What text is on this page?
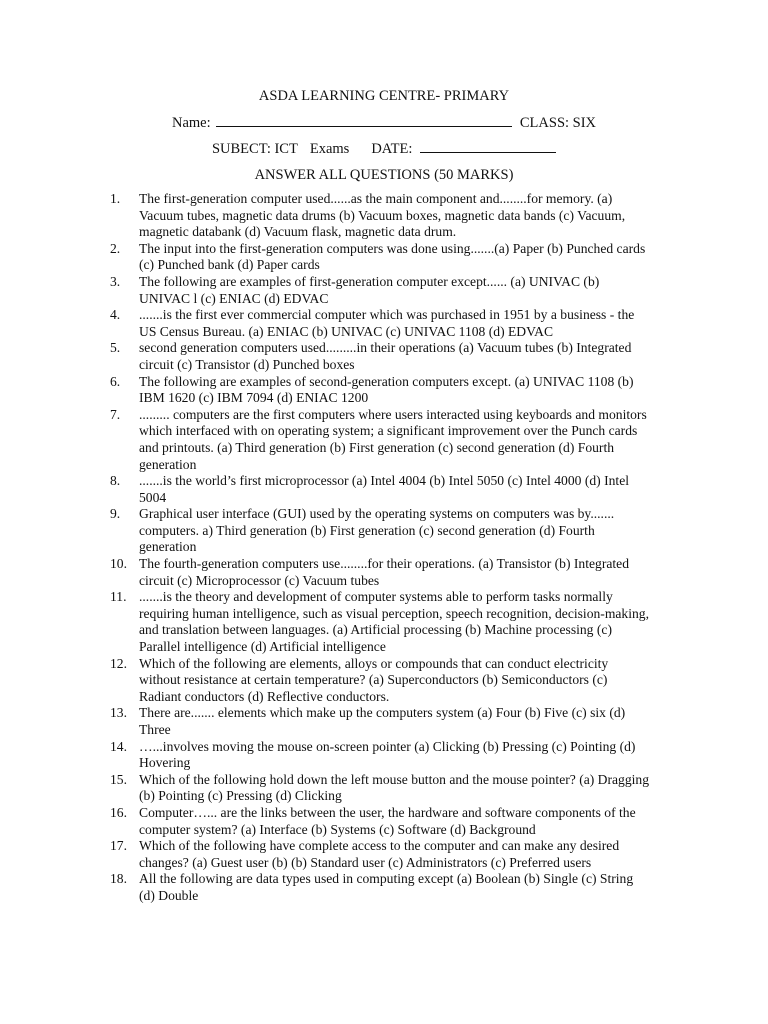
ASDA LEARNING CENTRE- PRIMARY
Name:	CLASS: SIX
SUBECT: ICT Exams DATE:
ANSWER ALL QUESTIONS (50 MARKS)
1. The first-generation computer used......as the main component and........for memory. (a)
Vacuum tubes, magnetic data drums (b) Vacuum boxes, magnetic data bands (c) Vacuum,
magnetic databank (d) Vacuum flask, magnetic data drum.
2. The input into the first-generation computers was done using.......(a) Paper (b) Punched cards
(c) Punched bank (d) Paper cards
3. The following are examples of first-generation computer except...... (a) UNIVAC (b)
UNIVAC l (c) ENIAC (d) EDVAC
4. .......is the first ever commercial computer which was purchased in 1951 by a business - the
US Census Bureau. (a) ENIAC (b) UNIVAC (c) UNIVAC 1108 (d) EDVAC
5. second generation computers used.........in their operations (a) Vacuum tubes (b) Integrated
circuit (c) Transistor (d) Punched boxes
6. The following are examples of second-generation computers except. (a) UNIVAC 1108 (b)
IBM 1620 (c) IBM 7094 (d) ENIAC 1200
7. ......... computers are the first computers where users interacted using keyboards and monitors
which interfaced with on operating system; a significant improvement over the Punch cards
and printouts. (a) Third generation (b) First generation (c) second generation (d) Fourth
generation
8. .......is the world’s first microprocessor (a) Intel 4004 (b) Intel 5050 (c) Intel 4000 (d) Intel
5004
9. Graphical user interface (GUI) used by the operating systems on computers was by.......
computers. a) Third generation (b) First generation (c) second generation (d) Fourth
generation
10. The fourth-generation computers use........for their operations. (a) Transistor (b) Integrated
circuit (c) Microprocessor (c) Vacuum tubes
11. .......is the theory and development of computer systems able to perform tasks normally
requiring human intelligence, such as visual perception, speech recognition, decision-making,
and translation between languages. (a) Artificial processing (b) Machine processing (c)
Parallel intelligence (d) Artificial intelligence
12. Which of the following are elements, alloys or compounds that can conduct electricity
without resistance at certain temperature? (a) Superconductors (b) Semiconductors (c)
Radiant conductors (d) Reflective conductors.
13. There are....... elements which make up the computers system (a) Four (b) Five (c) six (d)
Three
14. …...involves moving the mouse on-screen pointer (a) Clicking (b) Pressing (c) Pointing (d)
Hovering
15. Which of the following hold down the left mouse button and the mouse pointer? (a) Dragging
(b) Pointing (c) Pressing (d) Clicking
16. Computer…... are the links between the user, the hardware and software components of the
computer system? (a) Interface (b) Systems (c) Software (d) Background
17. Which of the following have complete access to the computer and can make any desired
changes? (a) Guest user (b) (b) Standard user (c) Administrators (c) Preferred users
18. All the following are data types used in computing except (a) Boolean (b) Single (c) String
(d) Double
